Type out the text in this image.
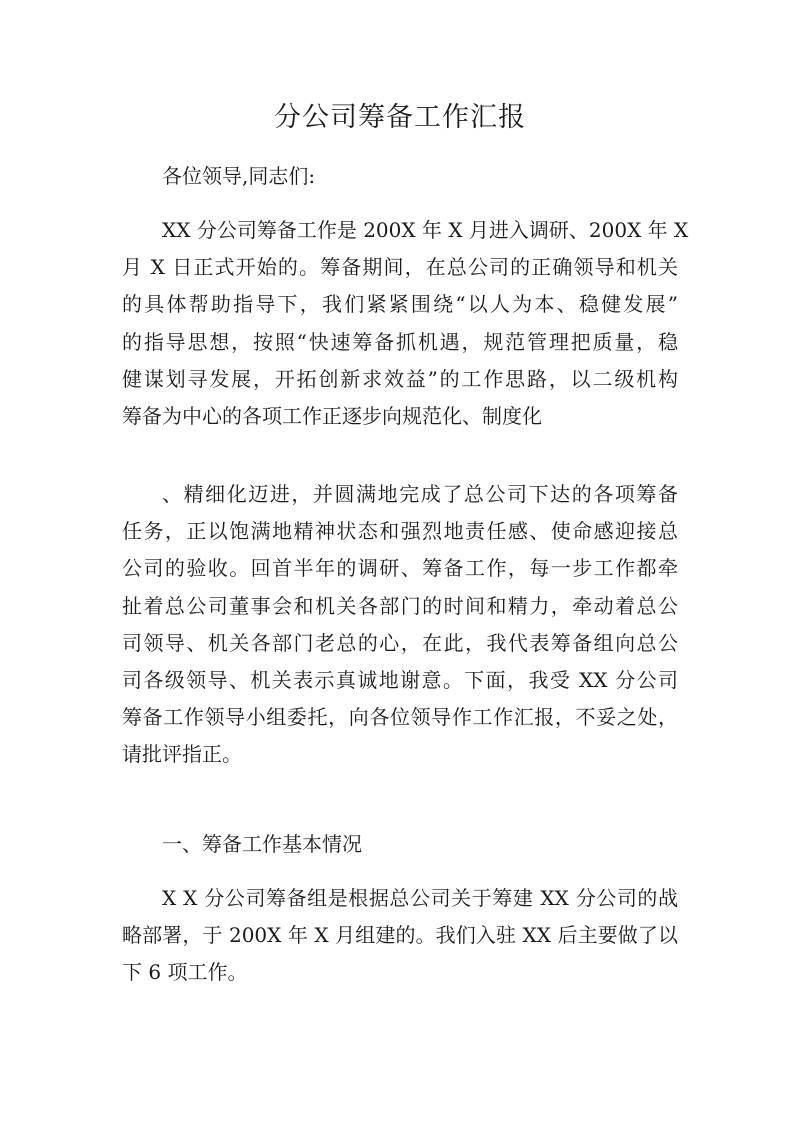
分公司筹备工作汇报

各位领导,同志们:

XX 分公司筹备工作是 200X 年 X 月进入调研、200X 年 X
月 X 日正式开始的。筹备期间，在总公司的正确领导和机关
的具体帮助指导下，我们紧紧围绕“以人为本、稳健发展”
的指导思想，按照“快速筹备抓机遇，规范管理把质量，稳
健谋划寻发展，开拓创新求效益”的工作思路，以二级机构
筹备为中心的各项工作正逐步向规范化、制度化

、精细化迈进，并圆满地完成了总公司下达的各项筹备
任务，正以饱满地精神状态和强烈地责任感、使命感迎接总
公司的验收。回首半年的调研、筹备工作，每一步工作都牵
扯着总公司董事会和机关各部门的时间和精力，牵动着总公
司领导、机关各部门老总的心，在此，我代表筹备组向总公
司各级领导、机关表示真诚地谢意。下面，我受 XX 分公司
筹备工作领导小组委托，向各位领导作工作汇报，不妥之处，
请批评指正。

一、筹备工作基本情况

X X 分公司筹备组是根据总公司关于筹建 XX 分公司的战
略部署，于 200X 年 X 月组建的。我们入驻 XX 后主要做了以
下 6 项工作。
